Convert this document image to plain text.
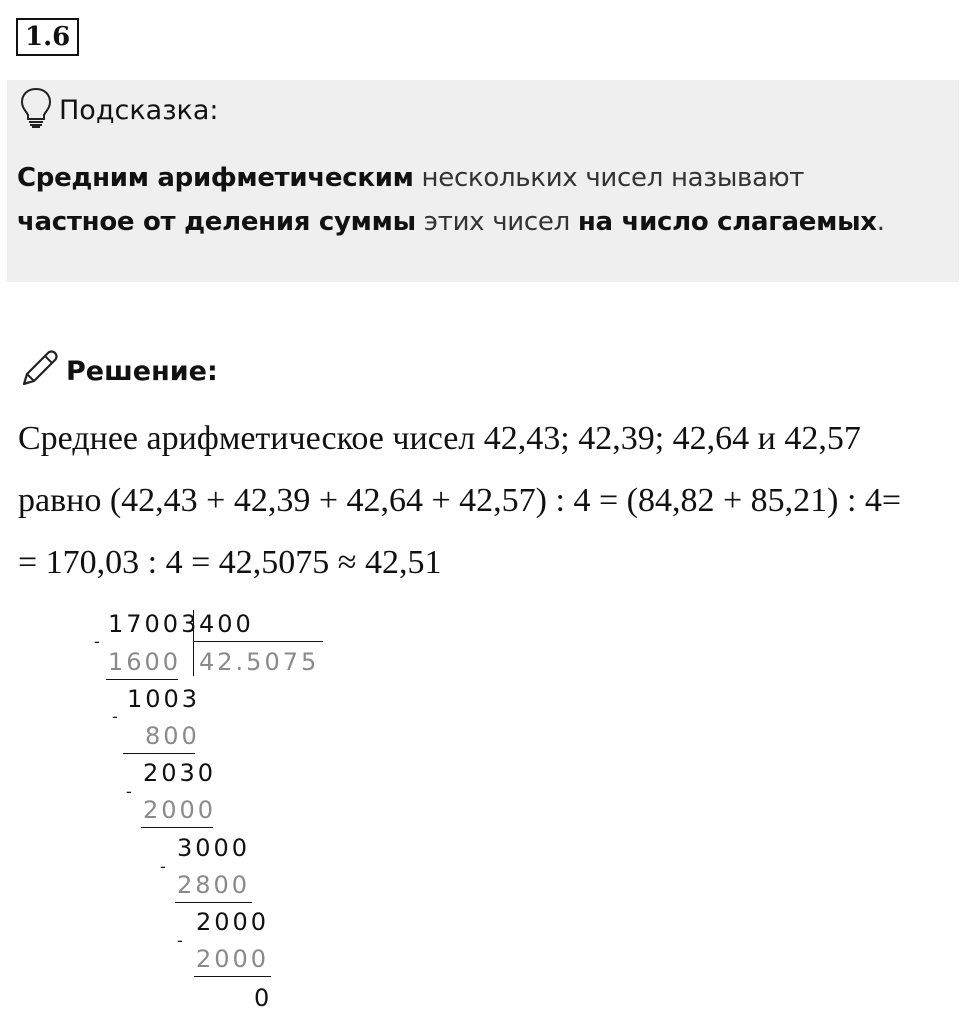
1.6
Подсказка:
Средним арифметическим нескольких чисел называют
частное от деления суммы этих чисел на число слагаемых.
Решение:
Среднее арифметическое чисел 42,43; 42,39; 42,64 и 42,57
равно (42,43 + 42,39 + 42,64 + 42,57) : 4 = (84,82 + 85,21) : 4=
= 170,03 : 4 = 42,5075 ≈ 42,51
17003 400
42.5075
-
1600
1003
-
800
2030
-
2000
3000
-
2800
2000
-
2000
0
